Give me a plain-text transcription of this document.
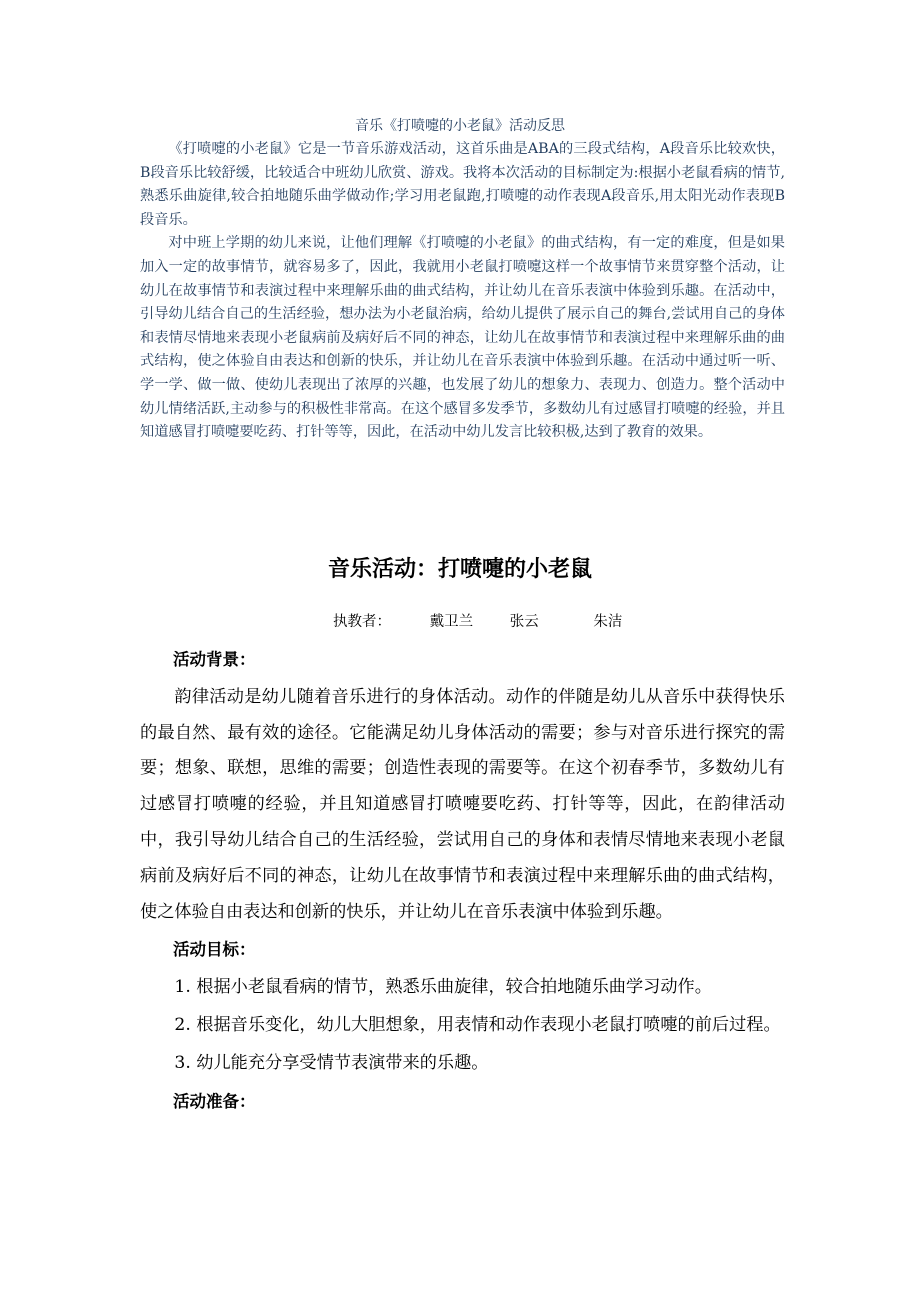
音乐《打喷嚏的小老鼠》活动反思

《打喷嚏的小老鼠》它是一节音乐游戏活动，这首乐曲是ABA的三段式结构，A段音乐比较欢快，B段音乐比较舒缓，比较适合中班幼儿欣赏、游戏。我将本次活动的目标制定为:根据小老鼠看病的情节,熟悉乐曲旋律,较合拍地随乐曲学做动作;学习用老鼠跑,打喷嚏的动作表现A段音乐,用太阳光动作表现B段音乐。

对中班上学期的幼儿来说，让他们理解《打喷嚏的小老鼠》的曲式结构，有一定的难度，但是如果加入一定的故事情节，就容易多了，因此，我就用小老鼠打喷嚏这样一个故事情节来贯穿整个活动，让幼儿在故事情节和表演过程中来理解乐曲的曲式结构，并让幼儿在音乐表演中体验到乐趣。在活动中，引导幼儿结合自己的生活经验，想办法为小老鼠治病，给幼儿提供了展示自己的舞台,尝试用自己的身体和表情尽情地来表现小老鼠病前及病好后不同的神态，让幼儿在故事情节和表演过程中来理解乐曲的曲式结构，使之体验自由表达和创新的快乐，并让幼儿在音乐表演中体验到乐趣。在活动中通过听一听、学一学、做一做、使幼儿表现出了浓厚的兴趣，也发展了幼儿的想象力、表现力、创造力。整个活动中幼儿情绪活跃,主动参与的积极性非常高。在这个感冒多发季节，多数幼儿有过感冒打喷嚏的经验，并且知道感冒打喷嚏要吃药、打针等等，因此，在活动中幼儿发言比较积极,达到了教育的效果。

音乐活动：打喷嚏的小老鼠
执教者：	戴卫兰	张云	朱洁

活动背景：

韵律活动是幼儿随着音乐进行的身体活动。动作的伴随是幼儿从音乐中获得快乐的最自然、最有效的途径。它能满足幼儿身体活动的需要；参与对音乐进行探究的需要；想象、联想，思维的需要；创造性表现的需要等。在这个初春季节，多数幼儿有过感冒打喷嚏的经验，并且知道感冒打喷嚏要吃药、打针等等，因此，在韵律活动中，我引导幼儿结合自己的生活经验，尝试用自己的身体和表情尽情地来表现小老鼠病前及病好后不同的神态，让幼儿在故事情节和表演过程中来理解乐曲的曲式结构，使之体验自由表达和创新的快乐，并让幼儿在音乐表演中体验到乐趣。

活动目标：

1. 根据小老鼠看病的情节，熟悉乐曲旋律，较合拍地随乐曲学习动作。

2. 根据音乐变化，幼儿大胆想象，用表情和动作表现小老鼠打喷嚏的前后过程。

3. 幼儿能充分享受情节表演带来的乐趣。

活动准备：
